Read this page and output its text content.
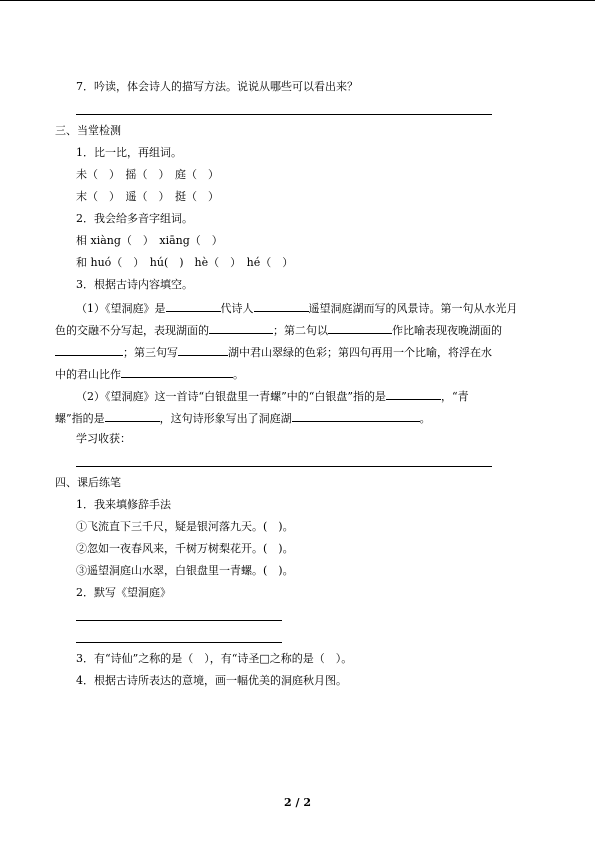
7．吟读，体会诗人的描写方法。说说从哪些可以看出来？
三、当堂检测
1．比一比，再组词。
未（　）　摇（　）　庭（　）
末（　）　遥（　）　挺（　）
2．我会给多音字组词。
相 xiàng（　）　xiāng（　）
和 huó（　）　hú(　)　hè（　）　hé（　）
3．根据古诗内容填空。
（1）《望洞庭》是	代诗人	遥望洞庭湖而写的风景诗。第一句从水光月
色的交融不分写起，表现湖面的	；第二句以	作比喻表现夜晚湖面的
；第三句写	湖中君山翠绿的色彩；第四句再用一个比喻，将浮在水
中的君山比作	。
（2）《望洞庭》这一首诗“白银盘里一青螺”中的“白银盘”指的是	，“青
螺”指的是	，这句诗形象写出了洞庭湖	。
学习收获：
四、课后练笔
1．我来填修辞手法
①飞流直下三千尺，疑是银河落九天。(　)。
②忽如一夜春风来，千树万树梨花开。(　)。
③遥望洞庭山水翠，白银盘里一青螺。(　)。
2．默写《望洞庭》
3．有“诗仙”之称的是（　），有“诗圣□之称的是（　）。
4．根据古诗所表达的意境，画一幅优美的洞庭秋月图。
2 / 2
